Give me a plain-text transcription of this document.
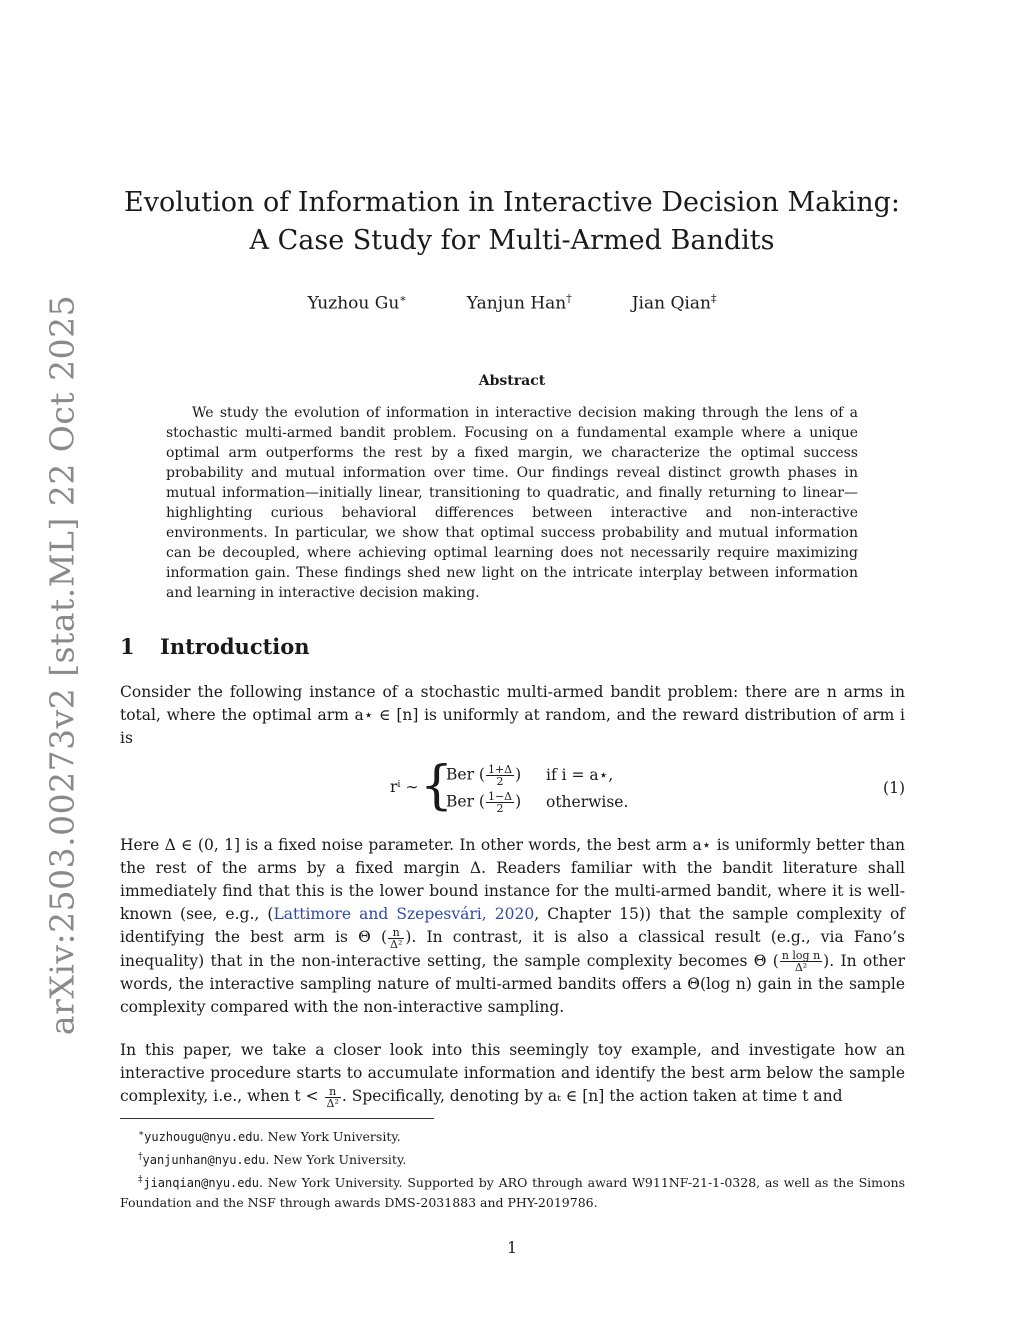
arXiv:2503.00273v2 [stat.ML] 22 Oct 2025
Evolution of Information in Interactive Decision Making:
A Case Study for Multi-Armed Bandits
Yuzhou Gu∗	Yanjun Han†	Jian Qian‡
Abstract

We study the evolution of information in interactive decision making through the lens of a stochastic multi-armed bandit problem. Focusing on a fundamental example where a unique optimal arm outperforms the rest by a fixed margin, we characterize the optimal success probability and mutual information over time. Our findings reveal distinct growth phases in mutual information—initially linear, transitioning to quadratic, and finally returning to linear—highlighting curious behavioral differences between interactive and non-interactive environments. In particular, we show that optimal success probability and mutual information can be decoupled, where achieving optimal learning does not necessarily require maximizing information gain. These findings shed new light on the intricate interplay between information and learning in interactive decision making.

1 Introduction

Consider the following instance of a stochastic multi-armed bandit problem: there are n arms in total, where the optimal arm a⋆ ∈ [n] is uniformly at random, and the reward distribution of arm i is

rⁱ ∼ {
Ber ( $\frac{1+\Delta}{2}$ ) if i = a⋆,
Ber ( $\frac{1-\Delta}{2}$ ) otherwise.
(1)

Here Δ ∈ (0, 1] is a fixed noise parameter. In other words, the best arm a⋆ is uniformly better than the rest of the arms by a fixed margin Δ. Readers familiar with the bandit literature shall immediately find that this is the lower bound instance for the multi-armed bandit, where it is well-known (see, e.g., (Lattimore and Szepesvári, 2020, Chapter 15)) that the sample complexity of identifying the best arm is Θ ( $\frac{n}{\text{Δ²}}$ ). In contrast, it is also a classical result (e.g., via Fano’s inequality) that in the non-interactive setting, the sample complexity becomes Θ ( $\frac{\text{n log n}}{\text{Δ²}}$ ). In other words, the interactive sampling nature of multi-armed bandits offers a Θ(log n) gain in the sample complexity compared with the non-interactive sampling.

In this paper, we take a closer look into this seemingly toy example, and investigate how an interactive procedure starts to accumulate information and identify the best arm below the sample complexity, i.e., when $t < \frac{n}{\text{Δ²}}$ . Specifically, denoting by aₜ ∈ [n] the action taken at time t and

∗yuzhougu@nyu.edu. New York University.

†yanjunhan@nyu.edu. New York University.

‡jianqian@nyu.edu. New York University. Supported by ARO through award W911NF-21-1-0328, as well as the Simons Foundation and the NSF through awards DMS-2031883 and PHY-2019786.

1
